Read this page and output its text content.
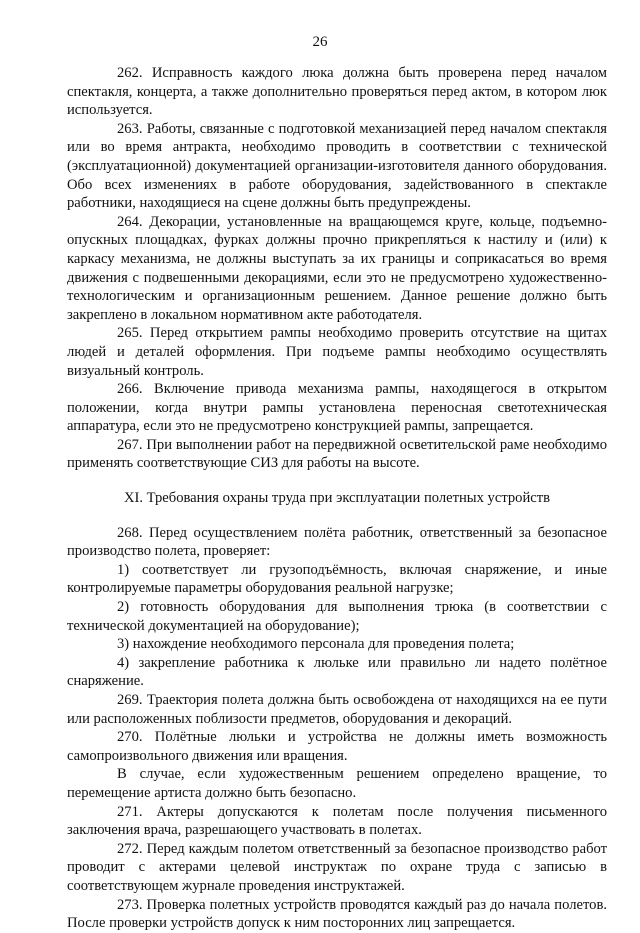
26

262. Исправность каждого люка должна быть проверена перед началом спектакля, концерта, а также дополнительно проверяться перед актом, в котором люк используется.

263. Работы, связанные с подготовкой механизацией перед началом спектакля или во время антракта, необходимо проводить в соответствии с технической (эксплуатационной) документацией организации-изготовителя данного оборудования. Обо всех изменениях в работе оборудования, задействованного в спектакле работники, находящиеся на сцене должны быть предупреждены.

264. Декорации, установленные на вращающемся круге, кольце, подъемно-опускных площадках, фурках должны прочно прикрепляться к настилу и (или) к каркасу механизма, не должны выступать за их границы и соприкасаться во время движения с подвешенными декорациями, если это не предусмотрено художественно-технологическим и организационным решением. Данное решение должно быть закреплено в локальном нормативном акте работодателя.

265. Перед открытием рампы необходимо проверить отсутствие на щитах людей и деталей оформления. При подъеме рампы необходимо осуществлять визуальный контроль.

266. Включение привода механизма рампы, находящегося в открытом положении, когда внутри рампы установлена переносная светотехническая аппаратура, если это не предусмотрено конструкцией рампы, запрещается.

267. При выполнении работ на передвижной осветительской раме необходимо применять соответствующие СИЗ для работы на высоте.

XI. Требования охраны труда при эксплуатации полетных устройств

268. Перед осуществлением полёта работник, ответственный за безопасное производство полета, проверяет:

1) соответствует ли грузоподъёмность, включая снаряжение, и иные контролируемые параметры оборудования реальной нагрузке;

2) готовность оборудования для выполнения трюка (в соответствии с технической документацией на оборудование);

3) нахождение необходимого персонала для проведения полета;

4) закрепление работника к люльке или правильно ли надето полётное снаряжение.

269. Траектория полета должна быть освобождена от находящихся на ее пути или расположенных поблизости предметов, оборудования и декораций.

270. Полётные люльки и устройства не должны иметь возможность самопроизвольного движения или вращения.

В случае, если художественным решением определено вращение, то перемещение артиста должно быть безопасно.

271. Актеры допускаются к полетам после получения письменного заключения врача, разрешающего участвовать в полетах.

272. Перед каждым полетом ответственный за безопасное производство работ проводит с актерами целевой инструктаж по охране труда с записью в соответствующем журнале проведения инструктажей.

273. Проверка полетных устройств проводятся каждый раз до начала полетов. После проверки устройств допуск к ним посторонних лиц запрещается.
